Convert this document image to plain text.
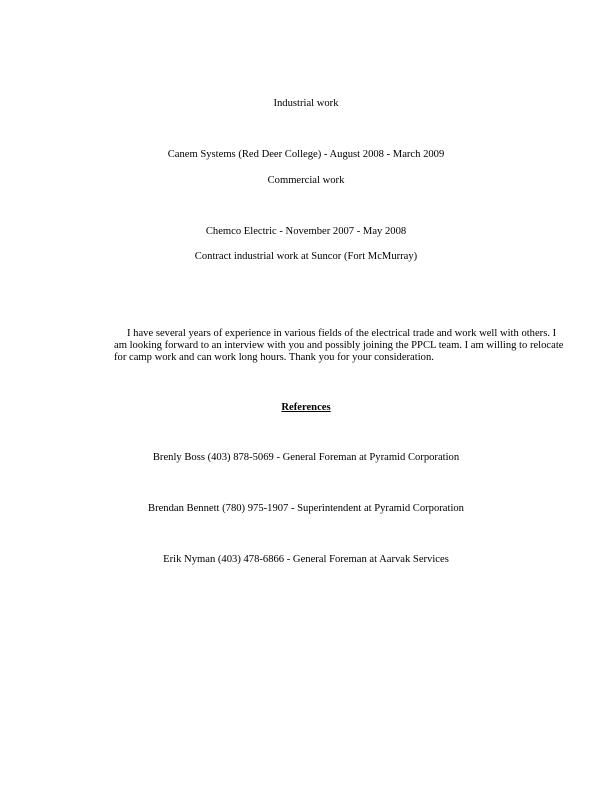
Industrial work
Canem Systems (Red Deer College) - August 2008 - March 2009
Commercial work
Chemco Electric - November 2007 - May 2008
Contract industrial work at Suncor (Fort McMurray)

I have several years of experience in various fields of the electrical trade and work well with others. I am looking forward to an interview with you and possibly joining the PPCL team. I am willing to relocate for camp work and can work long hours. Thank you for your consideration.

References
Brenly Boss (403) 878-5069 - General Foreman at Pyramid Corporation
Brendan Bennett (780) 975-1907 - Superintendent at Pyramid Corporation
Erik Nyman (403) 478-6866 - General Foreman at Aarvak Services
